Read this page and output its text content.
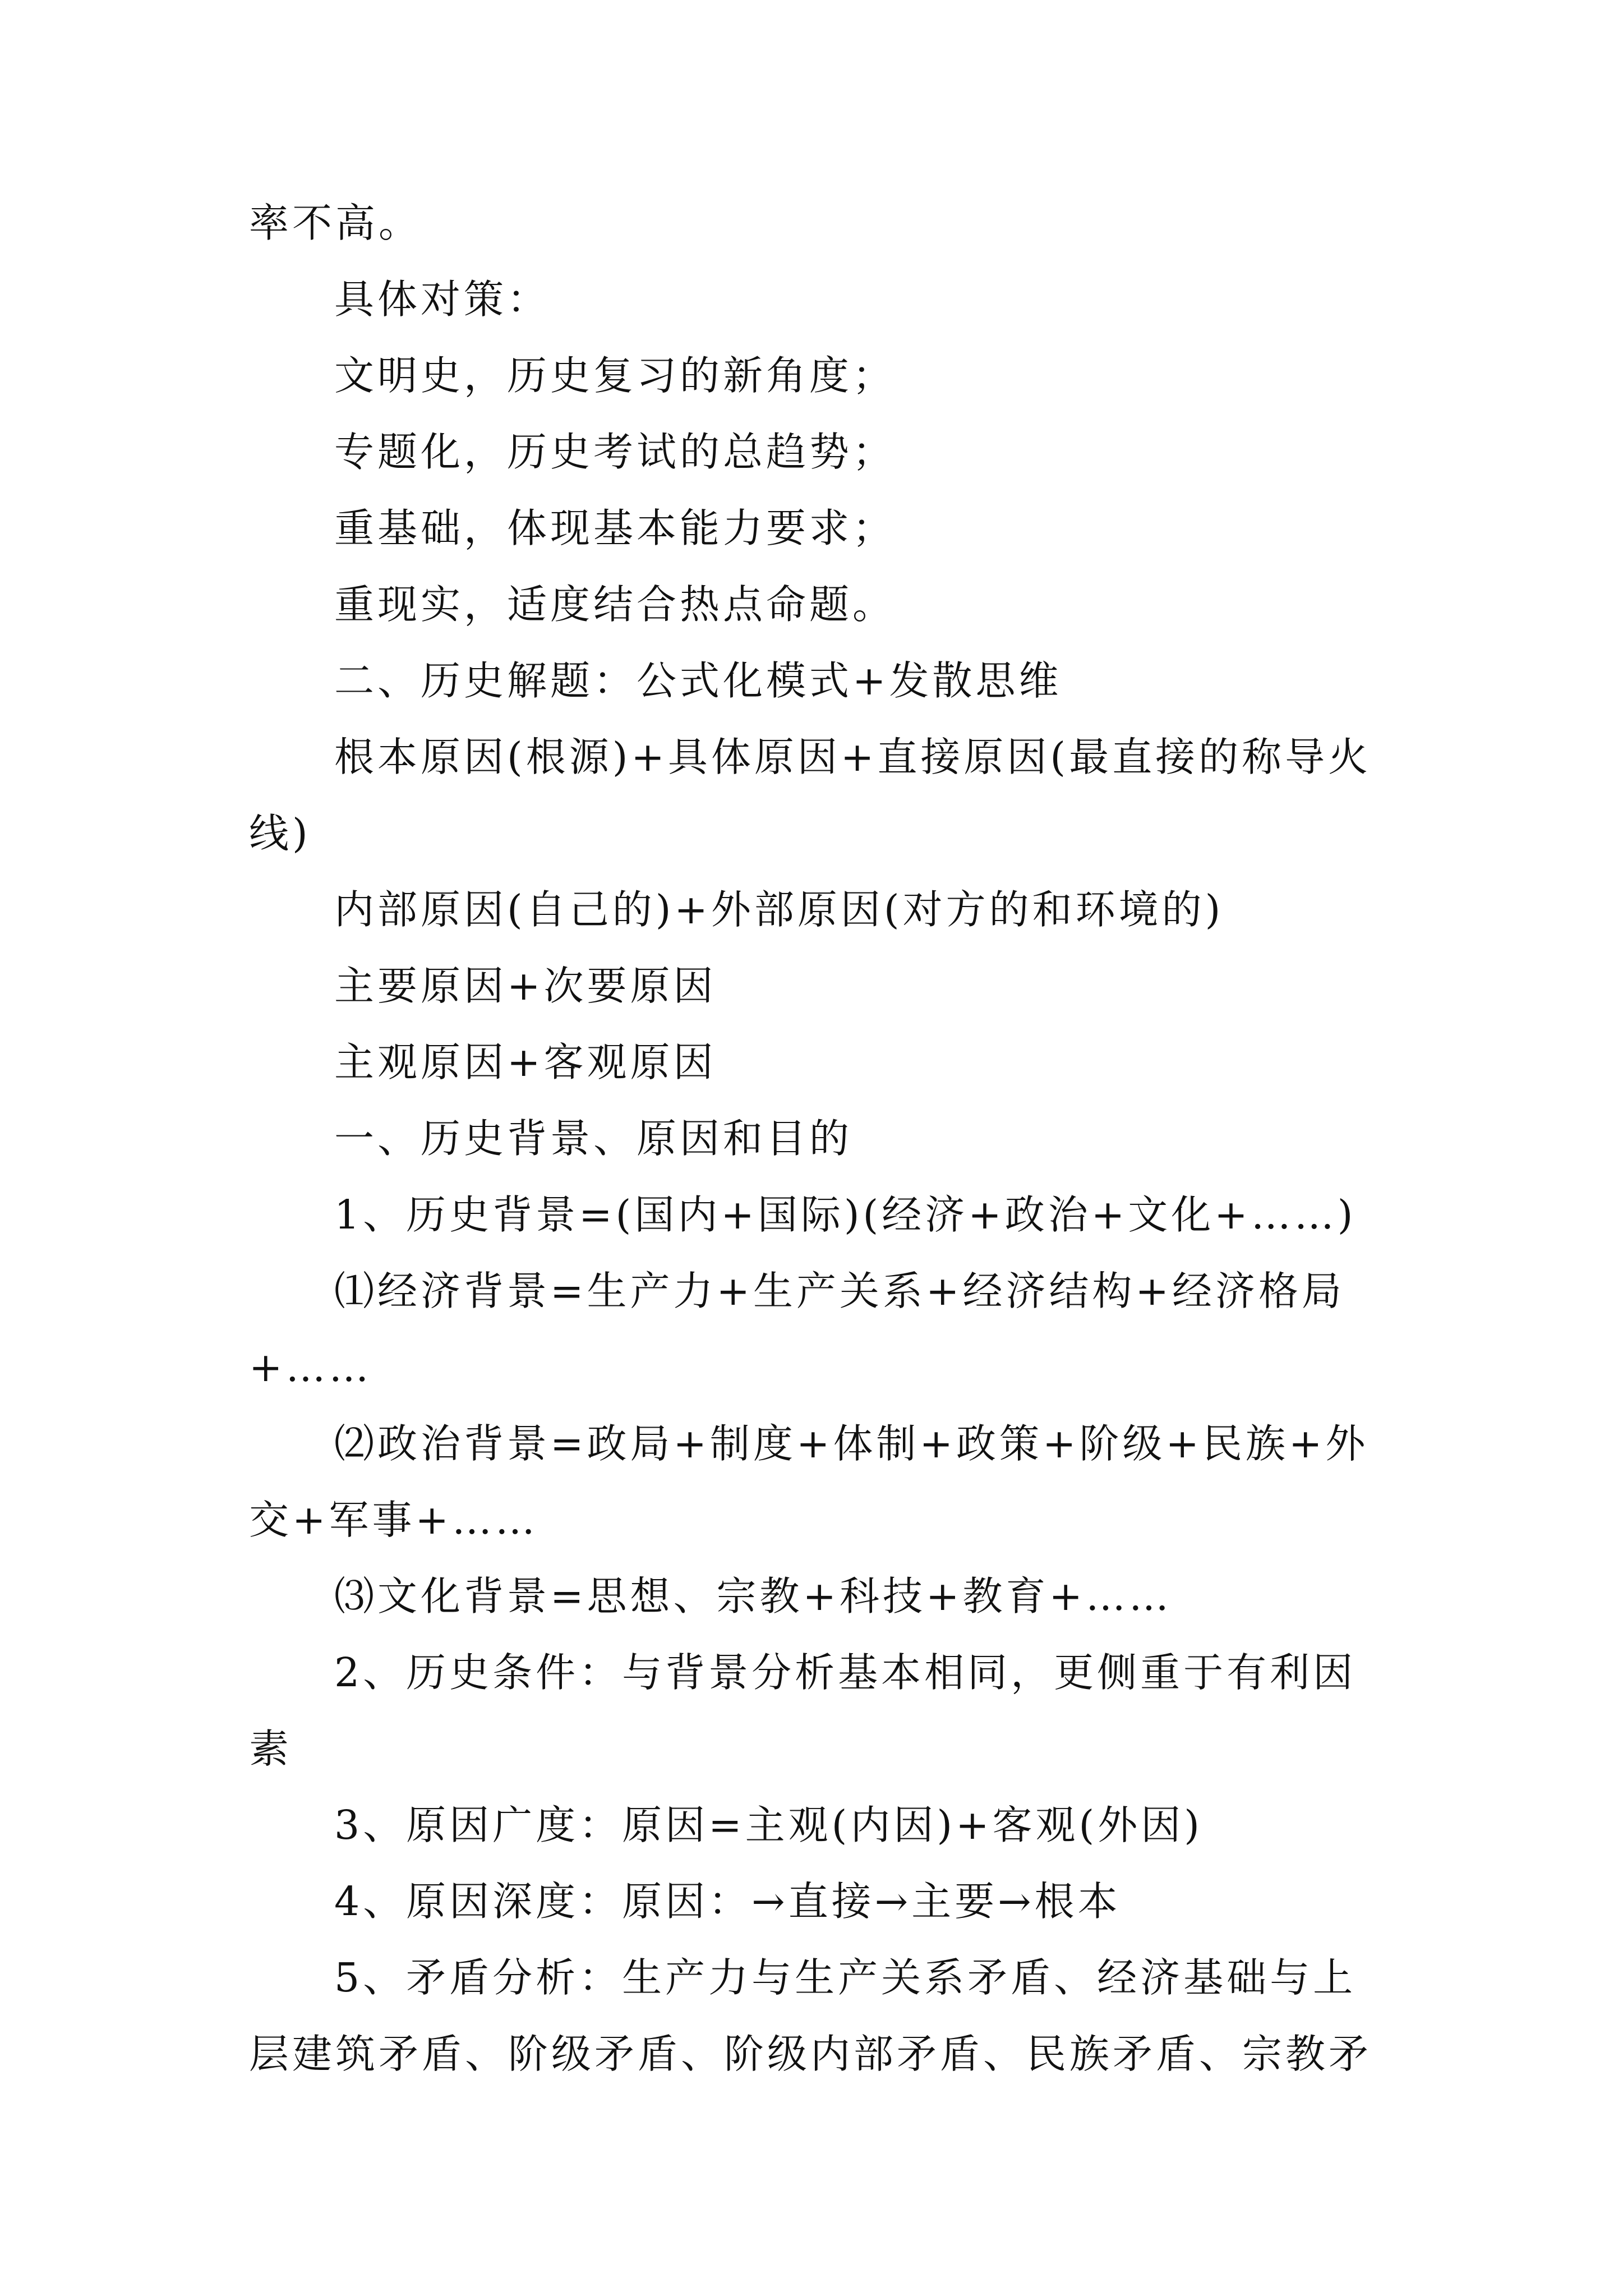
率不高。

具体对策：

文明史，历史复习的新角度；

专题化，历史考试的总趋势；

重基础，体现基本能力要求；

重现实，适度结合热点命题。

二、历史解题：公式化模式+发散思维

根本原因(根源)+具体原因+直接原因(最直接的称导火线)

内部原因(自己的)+外部原因(对方的和环境的)

主要原因+次要原因

主观原因+客观原因

一、历史背景、原因和目的

1、历史背景=(国内+国际)(经济+政治+文化+……)

⑴经济背景=生产力+生产关系+经济结构+经济格局+……

⑵政治背景=政局+制度+体制+政策+阶级+民族+外交+军事+……

⑶文化背景=思想、宗教+科技+教育+……

2、历史条件：与背景分析基本相同，更侧重于有利因素

3、原因广度：原因=主观(内因)+客观(外因)

4、原因深度：原因：→直接→主要→根本

5、矛盾分析：生产力与生产关系矛盾、经济基础与上层建筑矛盾、阶级矛盾、阶级内部矛盾、民族矛盾、宗教矛
